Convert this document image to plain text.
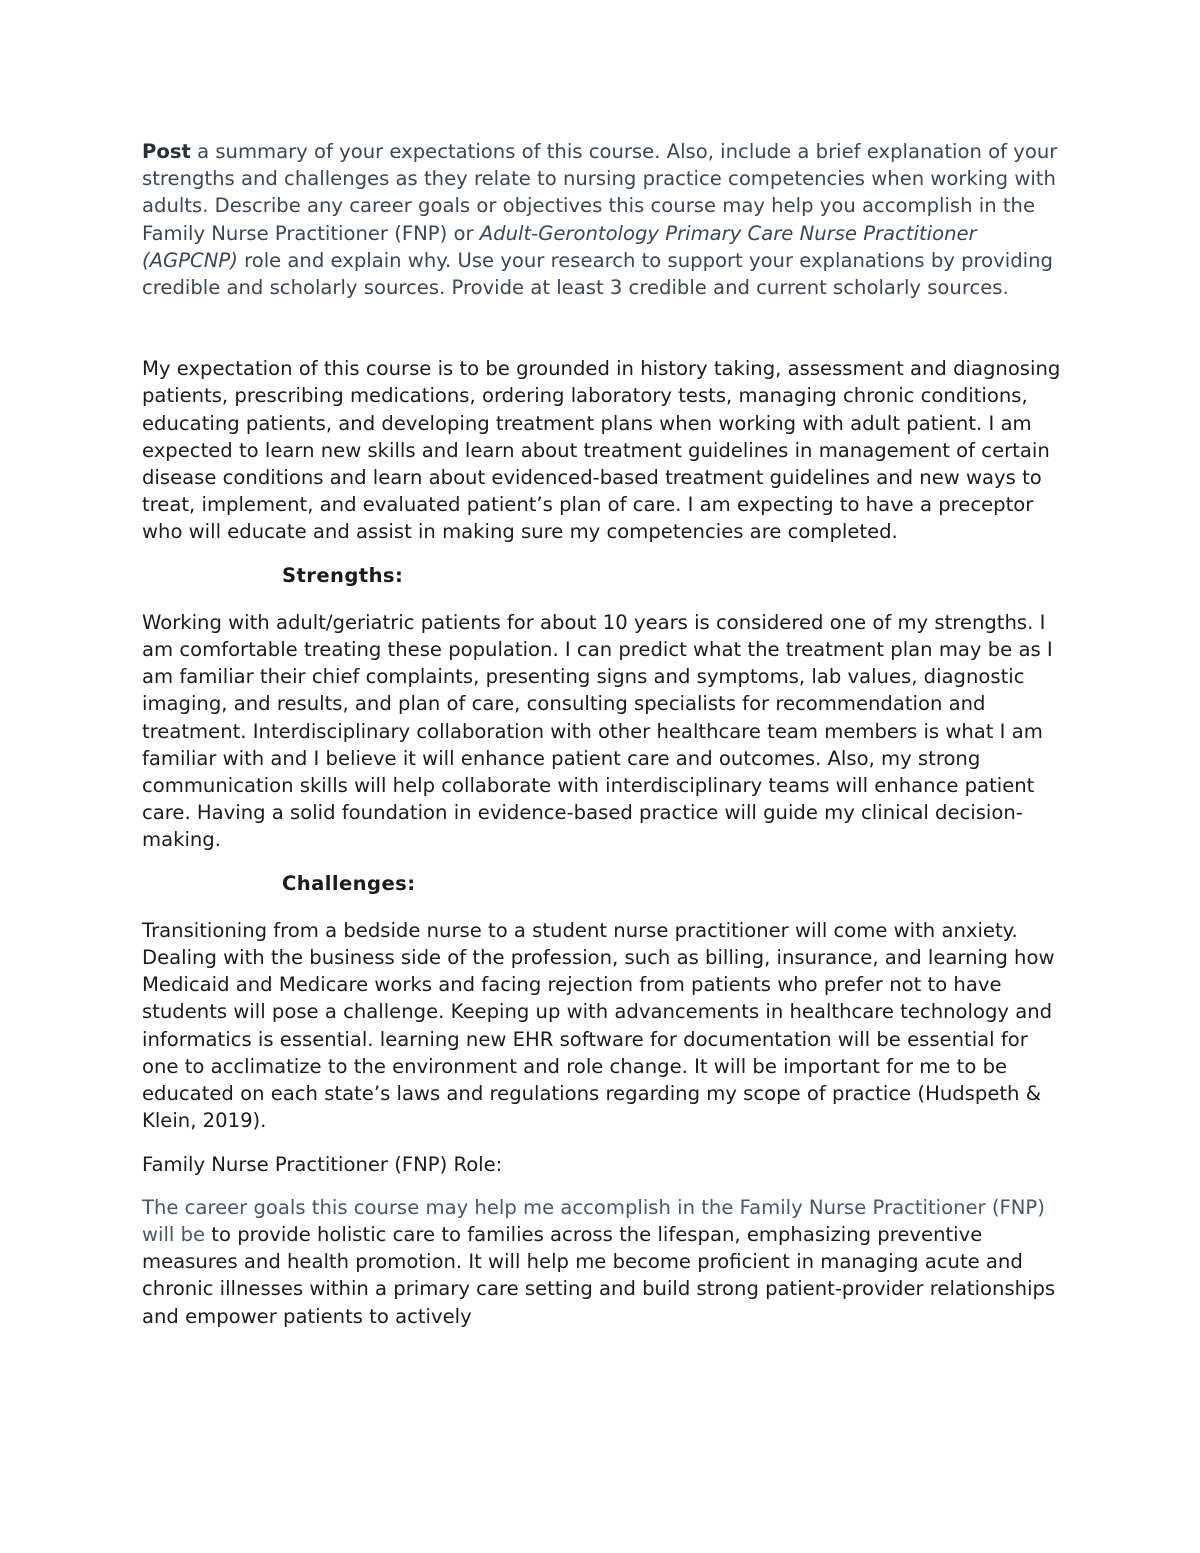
Post a summary of your expectations of this course. Also, include a brief explanation of your strengths and challenges as they relate to nursing practice competencies when working with adults. Describe any career goals or objectives this course may help you accomplish in the Family Nurse Practitioner (FNP) or Adult-Gerontology Primary Care Nurse Practitioner (AGPCNP) role and explain why. Use your research to support your explanations by providing credible and scholarly sources. Provide at least 3 credible and current scholarly sources.

My expectation of this course is to be grounded in history taking, assessment and diagnosing patients, prescribing medications, ordering laboratory tests, managing chronic conditions, educating patients, and developing treatment plans when working with adult patient. I am expected to learn new skills and learn about treatment guidelines in management of certain disease conditions and learn about evidenced-based treatment guidelines and new ways to treat, implement, and evaluated patient’s plan of care. I am expecting to have a preceptor who will educate and assist in making sure my competencies are completed.

Strengths:

Working with adult/geriatric patients for about 10 years is considered one of my strengths. I am comfortable treating these population. I can predict what the treatment plan may be as I am familiar their chief complaints, presenting signs and symptoms, lab values, diagnostic imaging, and results, and plan of care, consulting specialists for recommendation and treatment. Interdisciplinary collaboration with other healthcare team members is what I am familiar with and I believe it will enhance patient care and outcomes. Also, my strong communication skills will help collaborate with interdisciplinary teams will enhance patient care. Having a solid foundation in evidence-based practice will guide my clinical decision-making.

Challenges:

Transitioning from a bedside nurse to a student nurse practitioner will come with anxiety. Dealing with the business side of the profession, such as billing, insurance, and learning how Medicaid and Medicare works and facing rejection from patients who prefer not to have students will pose a challenge. Keeping up with advancements in healthcare technology and informatics is essential. learning new EHR software for documentation will be essential for one to acclimatize to the environment and role change. It will be important for me to be educated on each state’s laws and regulations regarding my scope of practice (Hudspeth & Klein, 2019).

Family Nurse Practitioner (FNP) Role:

The career goals this course may help me accomplish in the Family Nurse Practitioner (FNP) will be to provide holistic care to families across the lifespan, emphasizing preventive measures and health promotion. It will help me become proficient in managing acute and chronic illnesses within a primary care setting and build strong patient-provider relationships and empower patients to actively
